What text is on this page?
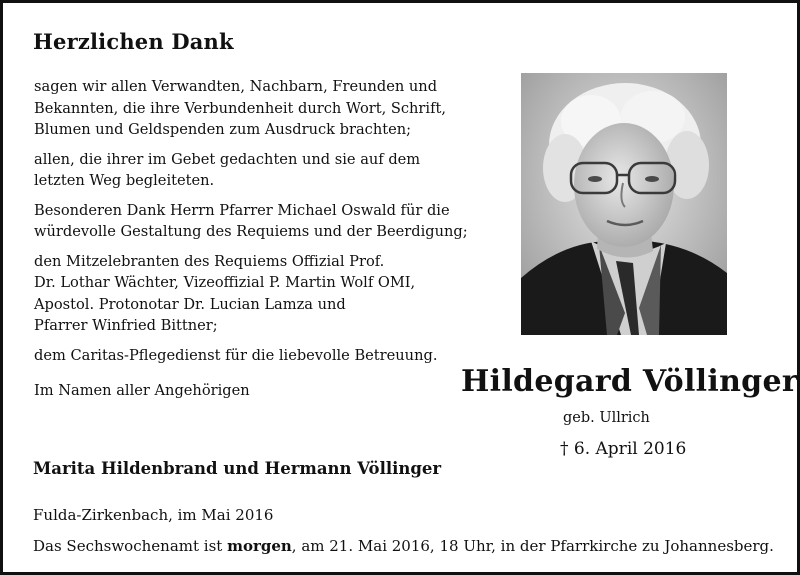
Herzlichen Dank

sagen wir allen Verwandten, Nachbarn, Freunden und
Bekannten, die ihre Verbundenheit durch Wort, Schrift,
Blumen und Geldspenden zum Ausdruck brachten;

allen, die ihrer im Gebet gedachten und sie auf dem
letzten Weg begleiteten.

Besonderen Dank Herrn Pfarrer Michael Oswald für die
würdevolle Gestaltung des Requiems und der Beerdigung;

den Mitzelebranten des Requiems Offizial Prof.
Dr. Lothar Wächter, Vizeoffizial P. Martin Wolf OMI,
Apostol. Protonotar Dr. Lucian Lamza und
Pfarrer Winfried Bittner;

dem Caritas-Pflegedienst für die liebevolle Betreuung.

Im Namen aller Angehörigen

Marita Hildenbrand und Hermann Völlinger
Fulda-Zirkenbach, im Mai 2016
Das Sechswochenamt ist morgen, am 21. Mai 2016, 18 Uhr, in der Pfarrkirche zu Johannesberg.
Hildegard Völlinger
geb. Ullrich
† 6. April 2016
